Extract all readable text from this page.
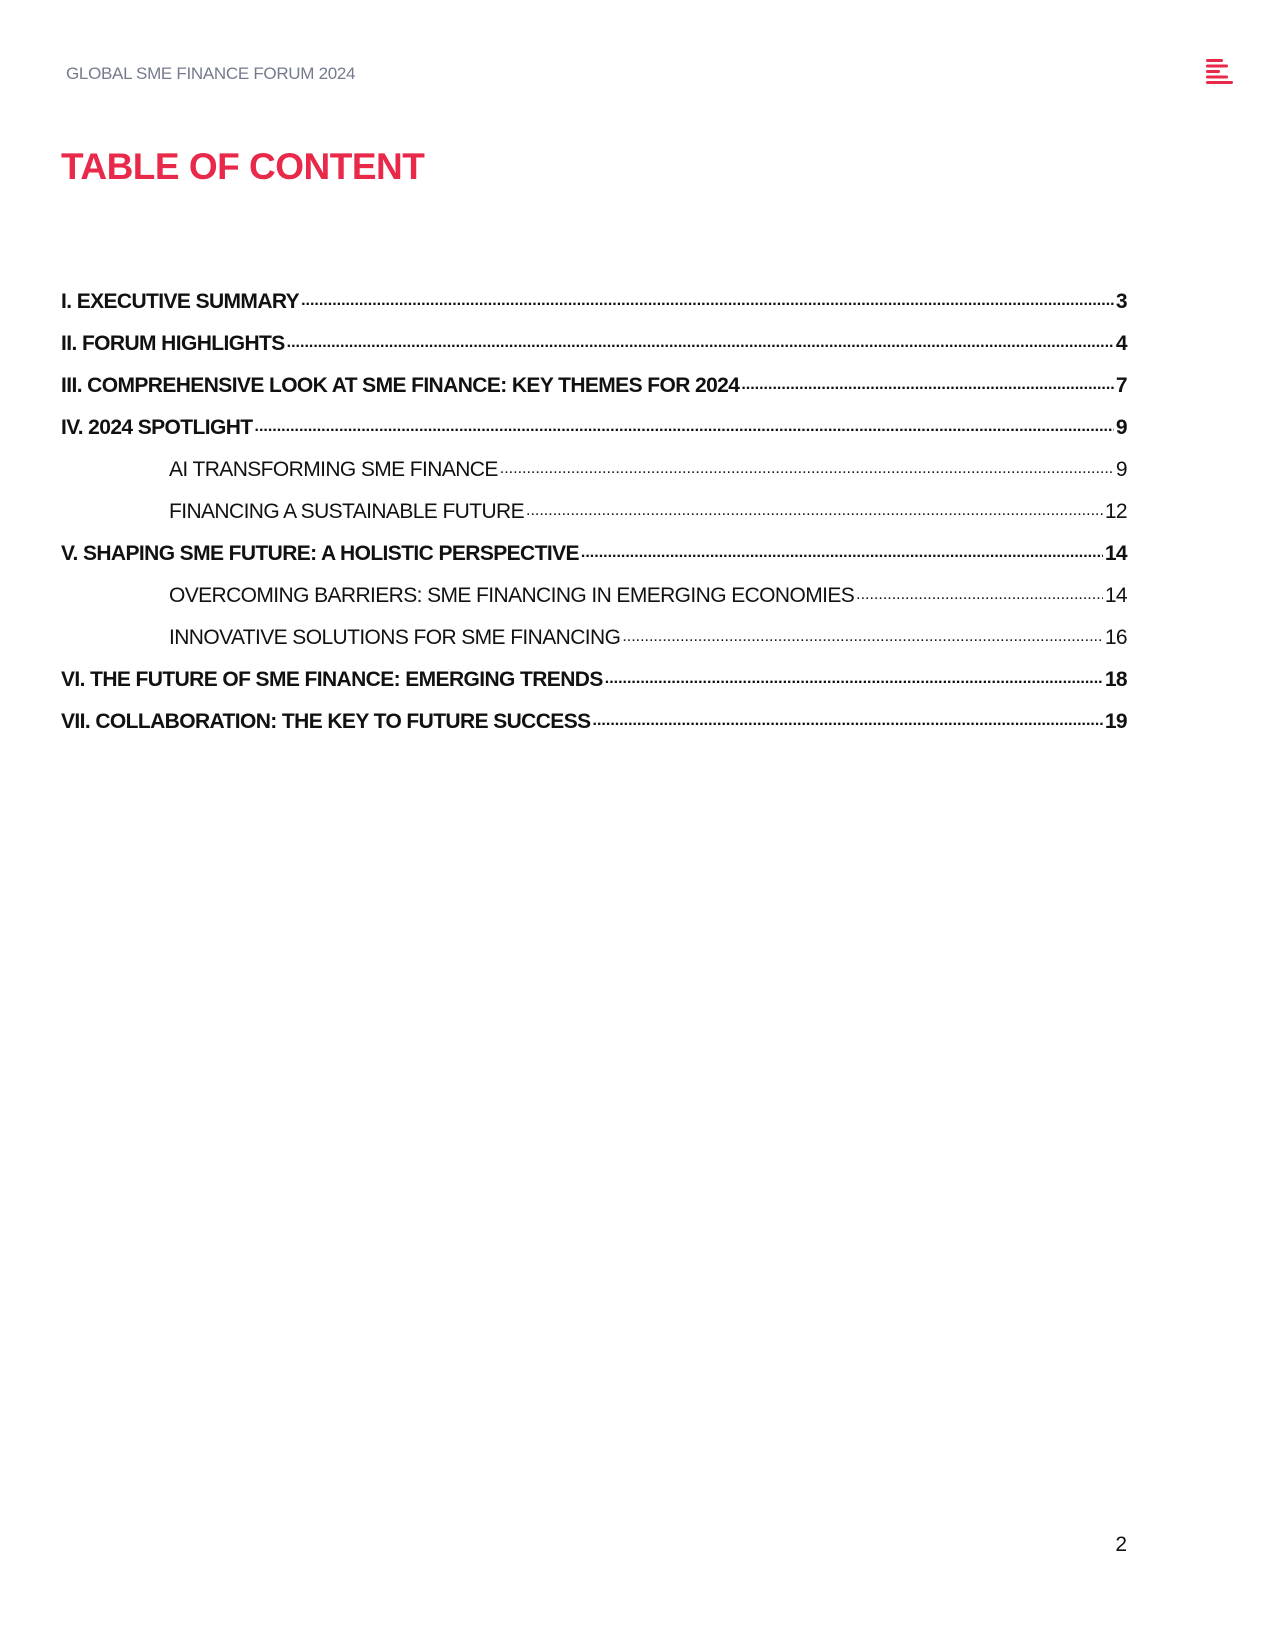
GLOBAL SME FINANCE FORUM 2024
TABLE OF CONTENT
I. EXECUTIVE SUMMARY .....	3
II. FORUM HIGHLIGHTS .....	4
III. COMPREHENSIVE LOOK AT SME FINANCE: KEY THEMES FOR 2024 .....	7
IV. 2024 SPOTLIGHT .....	9
AI TRANSFORMING SME FINANCE .....	9
FINANCING A SUSTAINABLE FUTURE .....	12
V. SHAPING SME FUTURE: A HOLISTIC PERSPECTIVE .....	14
OVERCOMING BARRIERS: SME FINANCING IN EMERGING ECONOMIES .....	14
INNOVATIVE SOLUTIONS FOR SME FINANCING .....	16
VI. THE FUTURE OF SME FINANCE: EMERGING TRENDS .....	18
VII. COLLABORATION: THE KEY TO FUTURE SUCCESS .....	19
2
